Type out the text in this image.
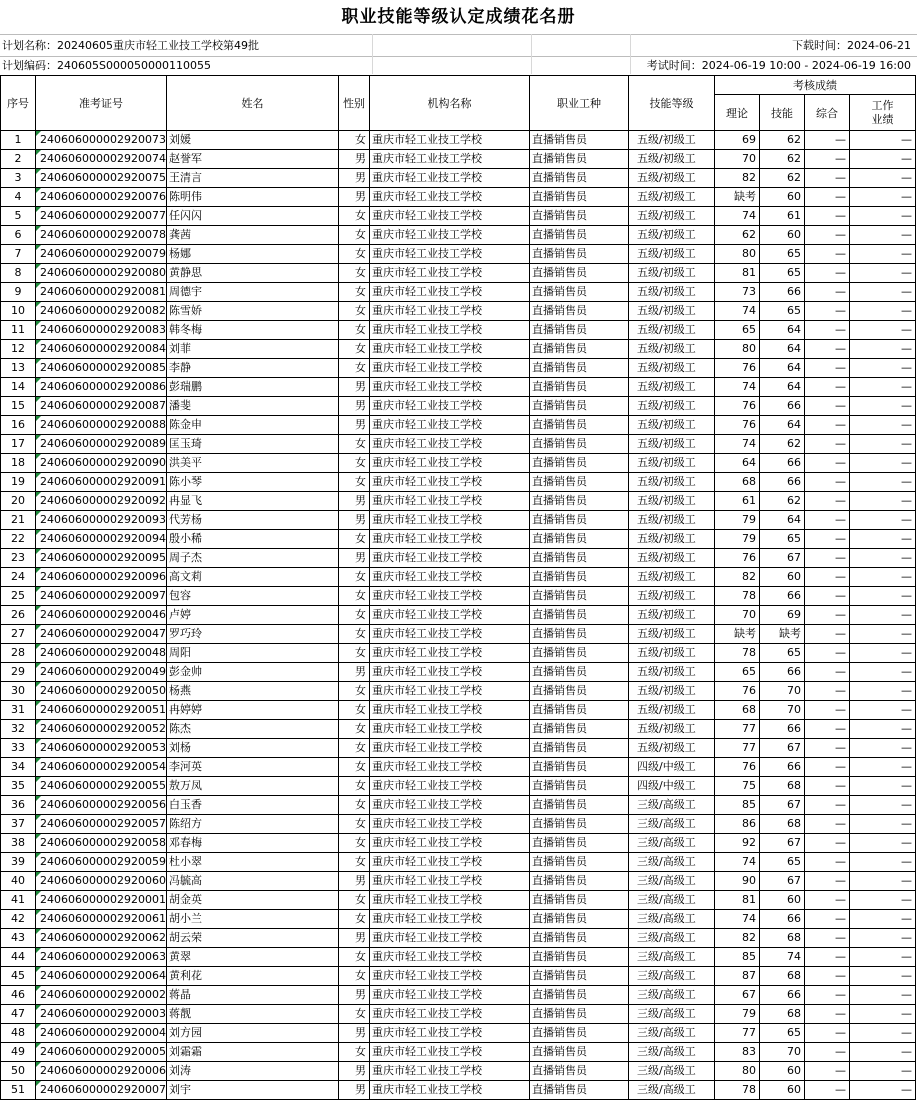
职业技能等级认定成绩花名册
计划名称：20240605重庆市轻工业技工学校第49批	下载时间：2024-06-21
计划编码：240605S000050000110055	考试时间：2024-06-19 10:00 - 2024-06-19 16:00
序号	准考证号	姓名	性别	机构名称	职业工种	技能等级	考核成绩			
							理论	技能	综合	工作
业绩
1	240606000002920073	刘媛	女	重庆市轻工业技工学校	直播销售员	五级/初级工	69	62	—	—
2	240606000002920074	赵誉军	男	重庆市轻工业技工学校	直播销售员	五级/初级工	70	62	—	—
3	240606000002920075	王清言	男	重庆市轻工业技工学校	直播销售员	五级/初级工	82	62	—	—
4	240606000002920076	陈明伟	男	重庆市轻工业技工学校	直播销售员	五级/初级工	缺考	60	—	—
5	240606000002920077	任闪闪	女	重庆市轻工业技工学校	直播销售员	五级/初级工	74	61	—	—
6	240606000002920078	龚茜	女	重庆市轻工业技工学校	直播销售员	五级/初级工	62	60	—	—
7	240606000002920079	杨娜	女	重庆市轻工业技工学校	直播销售员	五级/初级工	80	65	—	—
8	240606000002920080	黄静思	女	重庆市轻工业技工学校	直播销售员	五级/初级工	81	65	—	—
9	240606000002920081	周德宇	女	重庆市轻工业技工学校	直播销售员	五级/初级工	73	66	—	—
10	240606000002920082	陈雪娇	女	重庆市轻工业技工学校	直播销售员	五级/初级工	74	65	—	—
11	240606000002920083	韩冬梅	女	重庆市轻工业技工学校	直播销售员	五级/初级工	65	64	—	—
12	240606000002920084	刘菲	女	重庆市轻工业技工学校	直播销售员	五级/初级工	80	64	—	—
13	240606000002920085	李静	女	重庆市轻工业技工学校	直播销售员	五级/初级工	76	64	—	—
14	240606000002920086	彭瑞鹏	男	重庆市轻工业技工学校	直播销售员	五级/初级工	74	64	—	—
15	240606000002920087	潘斐	男	重庆市轻工业技工学校	直播销售员	五级/初级工	76	66	—	—
16	240606000002920088	陈金申	男	重庆市轻工业技工学校	直播销售员	五级/初级工	76	64	—	—
17	240606000002920089	匡玉琦	女	重庆市轻工业技工学校	直播销售员	五级/初级工	74	62	—	—
18	240606000002920090	洪美平	女	重庆市轻工业技工学校	直播销售员	五级/初级工	64	66	—	—
19	240606000002920091	陈小琴	女	重庆市轻工业技工学校	直播销售员	五级/初级工	68	66	—	—
20	240606000002920092	冉显飞	男	重庆市轻工业技工学校	直播销售员	五级/初级工	61	62	—	—
21	240606000002920093	代芳杨	男	重庆市轻工业技工学校	直播销售员	五级/初级工	79	64	—	—
22	240606000002920094	殷小稀	女	重庆市轻工业技工学校	直播销售员	五级/初级工	79	65	—	—
23	240606000002920095	周子杰	男	重庆市轻工业技工学校	直播销售员	五级/初级工	76	67	—	—
24	240606000002920096	高文莉	女	重庆市轻工业技工学校	直播销售员	五级/初级工	82	60	—	—
25	240606000002920097	包容	女	重庆市轻工业技工学校	直播销售员	五级/初级工	78	66	—	—
26	240606000002920046	卢婷	女	重庆市轻工业技工学校	直播销售员	五级/初级工	70	69	—	—
27	240606000002920047	罗巧玲	女	重庆市轻工业技工学校	直播销售员	五级/初级工	缺考	缺考	—	—
28	240606000002920048	周阳	女	重庆市轻工业技工学校	直播销售员	五级/初级工	78	65	—	—
29	240606000002920049	彭金帅	男	重庆市轻工业技工学校	直播销售员	五级/初级工	65	66	—	—
30	240606000002920050	杨燕	女	重庆市轻工业技工学校	直播销售员	五级/初级工	76	70	—	—
31	240606000002920051	冉婷婷	女	重庆市轻工业技工学校	直播销售员	五级/初级工	68	70	—	—
32	240606000002920052	陈杰	女	重庆市轻工业技工学校	直播销售员	五级/初级工	77	66	—	—
33	240606000002920053	刘杨	女	重庆市轻工业技工学校	直播销售员	五级/初级工	77	67	—	—
34	240606000002920054	李河英	女	重庆市轻工业技工学校	直播销售员	四级/中级工	76	66	—	—
35	240606000002920055	敖万凤	女	重庆市轻工业技工学校	直播销售员	四级/中级工	75	68	—	—
36	240606000002920056	白玉香	女	重庆市轻工业技工学校	直播销售员	三级/高级工	85	67	—	—
37	240606000002920057	陈绍方	女	重庆市轻工业技工学校	直播销售员	三级/高级工	86	68	—	—
38	240606000002920058	邓春梅	女	重庆市轻工业技工学校	直播销售员	三级/高级工	92	67	—	—
39	240606000002920059	杜小翠	女	重庆市轻工业技工学校	直播销售员	三级/高级工	74	65	—	—
40	240606000002920060	冯毓高	男	重庆市轻工业技工学校	直播销售员	三级/高级工	90	67	—	—
41	240606000002920001	胡金英	女	重庆市轻工业技工学校	直播销售员	三级/高级工	81	60	—	—
42	240606000002920061	胡小兰	女	重庆市轻工业技工学校	直播销售员	三级/高级工	74	66	—	—
43	240606000002920062	胡云荣	男	重庆市轻工业技工学校	直播销售员	三级/高级工	82	68	—	—
44	240606000002920063	黄翠	女	重庆市轻工业技工学校	直播销售员	三级/高级工	85	74	—	—
45	240606000002920064	黄利花	女	重庆市轻工业技工学校	直播销售员	三级/高级工	87	68	—	—
46	240606000002920002	蒋晶	男	重庆市轻工业技工学校	直播销售员	三级/高级工	67	66	—	—
47	240606000002920003	蒋靓	女	重庆市轻工业技工学校	直播销售员	三级/高级工	79	68	—	—
48	240606000002920004	刘方园	男	重庆市轻工业技工学校	直播销售员	三级/高级工	77	65	—	—
49	240606000002920005	刘霜霜	女	重庆市轻工业技工学校	直播销售员	三级/高级工	83	70	—	—
50	240606000002920006	刘涛	男	重庆市轻工业技工学校	直播销售员	三级/高级工	80	60	—	—
51	240606000002920007	刘宇	男	重庆市轻工业技工学校	直播销售员	三级/高级工	78	60	—	—
